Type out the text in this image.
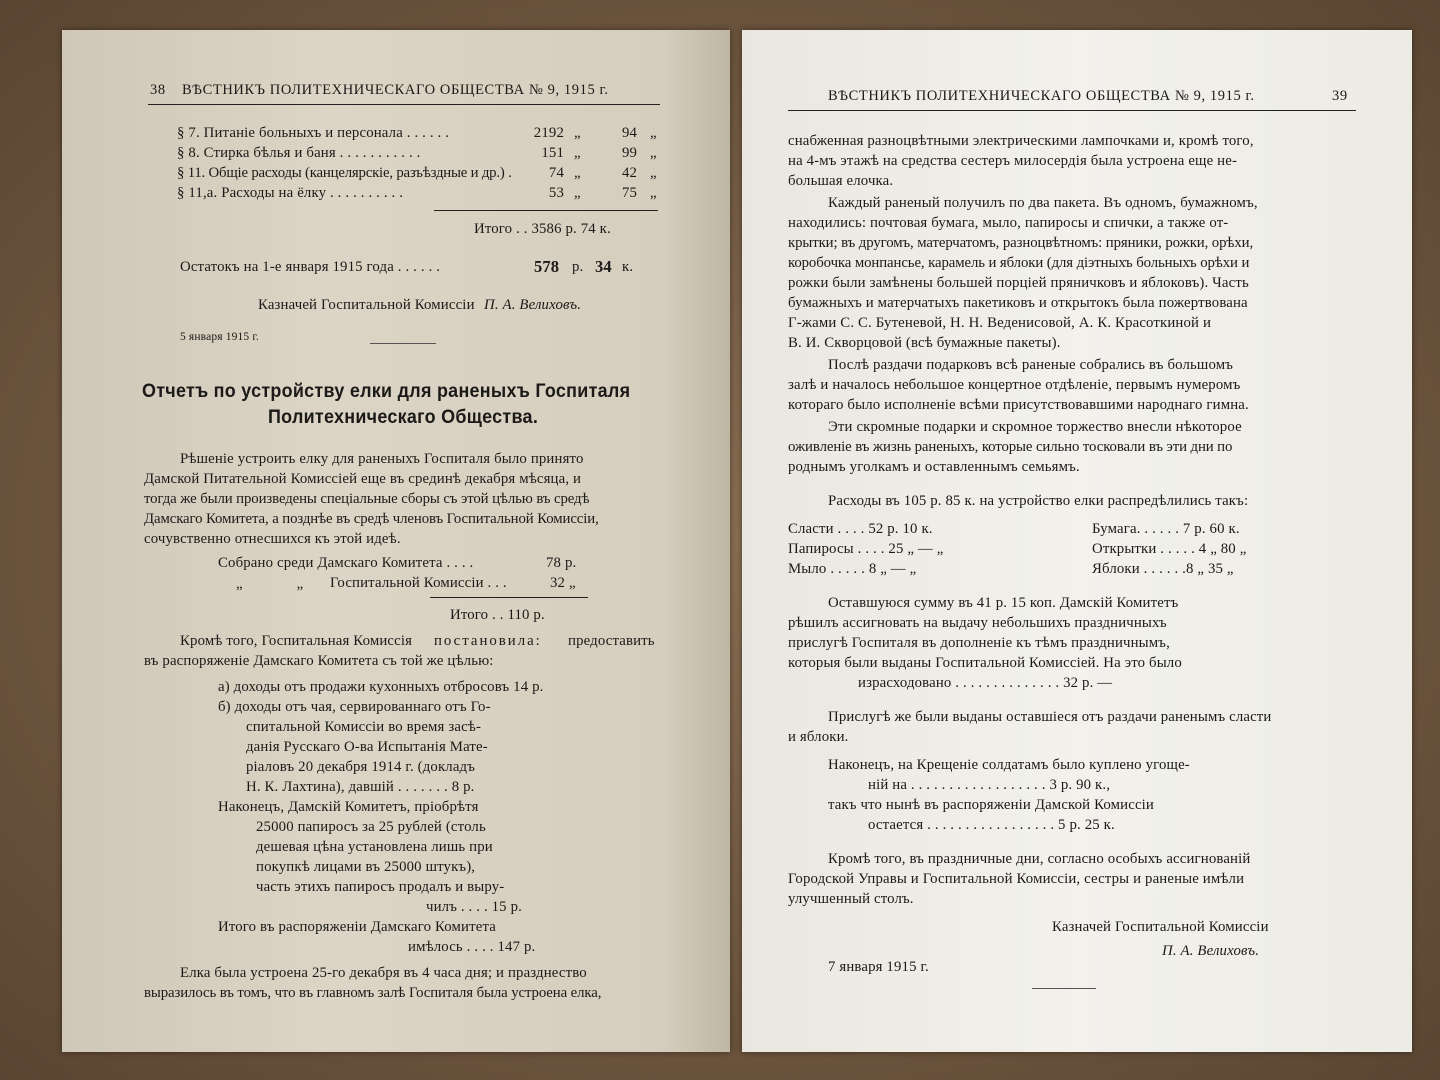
38 ВѢСТНИКЪ ПОЛИТЕХНИЧЕСКАГО ОБЩЕСТВА № 9, 1915 г.
§ 7. Питаніе больныхъ и персонала . . . . . .	2192 „	94 „
§ 8. Стирка бѣлья и баня . . . . . . . . . . .	151 „	99 „
§ 11. Общіе расходы (канцелярскіе, разъѣздные и др.) .	74 „	42 „
§ 11,а. Расходы на ёлку . . . . . . . . . .	53 „	75 „
Итого . . 3586 р. 74 к.
Остатокъ на 1-е января 1915 года . . . . . .	578 р. 34 к.
Казначей Госпитальной Комиссіи П. А. Велиховъ.
5 января 1915 г.
Отчетъ по устройству елки для раненыхъ Госпиталя
Политехническаго Общества.
Рѣшеніе устроить елку для раненыхъ Госпиталя было принято
Дамской Питательной Комиссіей еще въ срединѣ декабря мѣсяца, и
тогда же были произведены спеціальные сборы съ этой цѣлью въ средѣ
Дамскаго Комитета, а позднѣе въ средѣ членовъ Госпитальной Комиссіи,
сочувственно отнесшихся къ этой идеѣ.
Собрано среди Дамскаго Комитета . . . .	78 р.
„ „ Госпитальной Комиссіи . . .	32 „
Итого . . 110 р.
Кромѣ того, Госпитальная Комиссія постановила: предоставить
въ распоряженіе Дамскаго Комитета съ той же цѣлью:
а) доходы отъ продажи кухонныхъ отбросовъ 14 р.
б) доходы отъ чая, сервированнаго отъ Го-
спитальной Комиссіи во время засѣ-
данія Русскаго О-ва Испытанія Мате-
ріаловъ 20 декабря 1914 г. (докладъ
Н. К. Лахтина), давшій . . . . . . . 8 р.
Наконецъ, Дамскій Комитетъ, пріобрѣтя
25000 папиросъ за 25 рублей (столь
дешевая цѣна установлена лишь при
покупкѣ лицами въ 25000 штукъ),
часть этихъ папиросъ продалъ и выру-
чилъ . . . . 15 р.
Итого въ распоряженіи Дамскаго Комитета
имѣлось . . . . 147 р.
Елка была устроена 25-го декабря въ 4 часа дня; и празднество
выразилось въ томъ, что въ главномъ залѣ Госпиталя была устроена елка,
ВѢСТНИКЪ ПОЛИТЕХНИЧЕСКАГО ОБЩЕСТВА № 9, 1915 г.	39
снабженная разноцвѣтными электрическими лампочками и, кромѣ того,
на 4-мъ этажѣ на средства сестеръ милосердія была устроена еще не-
большая елочка.
Каждый раненый получилъ по два пакета. Въ одномъ, бумажномъ,
находились: почтовая бумага, мыло, папиросы и спички, а также от-
крытки; въ другомъ, матерчатомъ, разноцвѣтномъ: пряники, рожки, орѣхи,
коробочка монпансье, карамель и яблоки (для діэтныхъ больныхъ орѣхи и
рожки были замѣнены большей порціей пряничковъ и яблоковъ). Часть
бумажныхъ и матерчатыхъ пакетиковъ и открытокъ была пожертвована
Г-жами С. С. Бутеневой, Н. Н. Веденисовой, А. К. Красоткиной и
В. И. Скворцовой (всѣ бумажные пакеты).
Послѣ раздачи подарковъ всѣ раненые собрались въ большомъ
залѣ и началось небольшое концертное отдѣленіе, первымъ нумеромъ
котораго было исполненіе всѣми присутствовавшими народнаго гимна.
Эти скромные подарки и скромное торжество внесли нѣкоторое
оживленіе въ жизнь раненыхъ, которые сильно тосковали въ эти дни по
роднымъ уголкамъ и оставленнымъ семьямъ.
Расходы въ 105 р. 85 к. на устройство елки распредѣлились такъ:
Сласти . . . . 52 р. 10 к.	Бумага. . . . . . 7 р. 60 к.
Папиросы . . . . 25 „ — „	Открытки . . . . . 4 „ 80 „
Мыло . . . . . 8 „ — „	Яблоки . . . . . .8 „ 35 „
Оставшуюся сумму въ 41 р. 15 коп. Дамскій Комитетъ
рѣшилъ ассигновать на выдачу небольшихъ праздничныхъ
прислугѣ Госпиталя въ дополненіе къ тѣмъ праздничнымъ,
которыя были выданы Госпитальной Комиссіей. На это было
израсходовано . . . . . . . . . . . . . . 32 р. —
Прислугѣ же были выданы оставшіеся отъ раздачи раненымъ сласти
и яблоки.
Наконецъ, на Крещеніе солдатамъ было куплено угоще-
ній на . . . . . . . . . . . . . . . . . . 3 р. 90 к.,
такъ что нынѣ въ распоряженіи Дамской Комиссіи
остается . . . . . . . . . . . . . . . . . 5 р. 25 к.
Кромѣ того, въ праздничные дни, согласно особыхъ ассигнованій
Городской Управы и Госпитальной Комиссіи, сестры и раненые имѣли
улучшенный столъ.
Казначей Госпитальной Комиссіи
П. А. Велиховъ.
7 января 1915 г.
